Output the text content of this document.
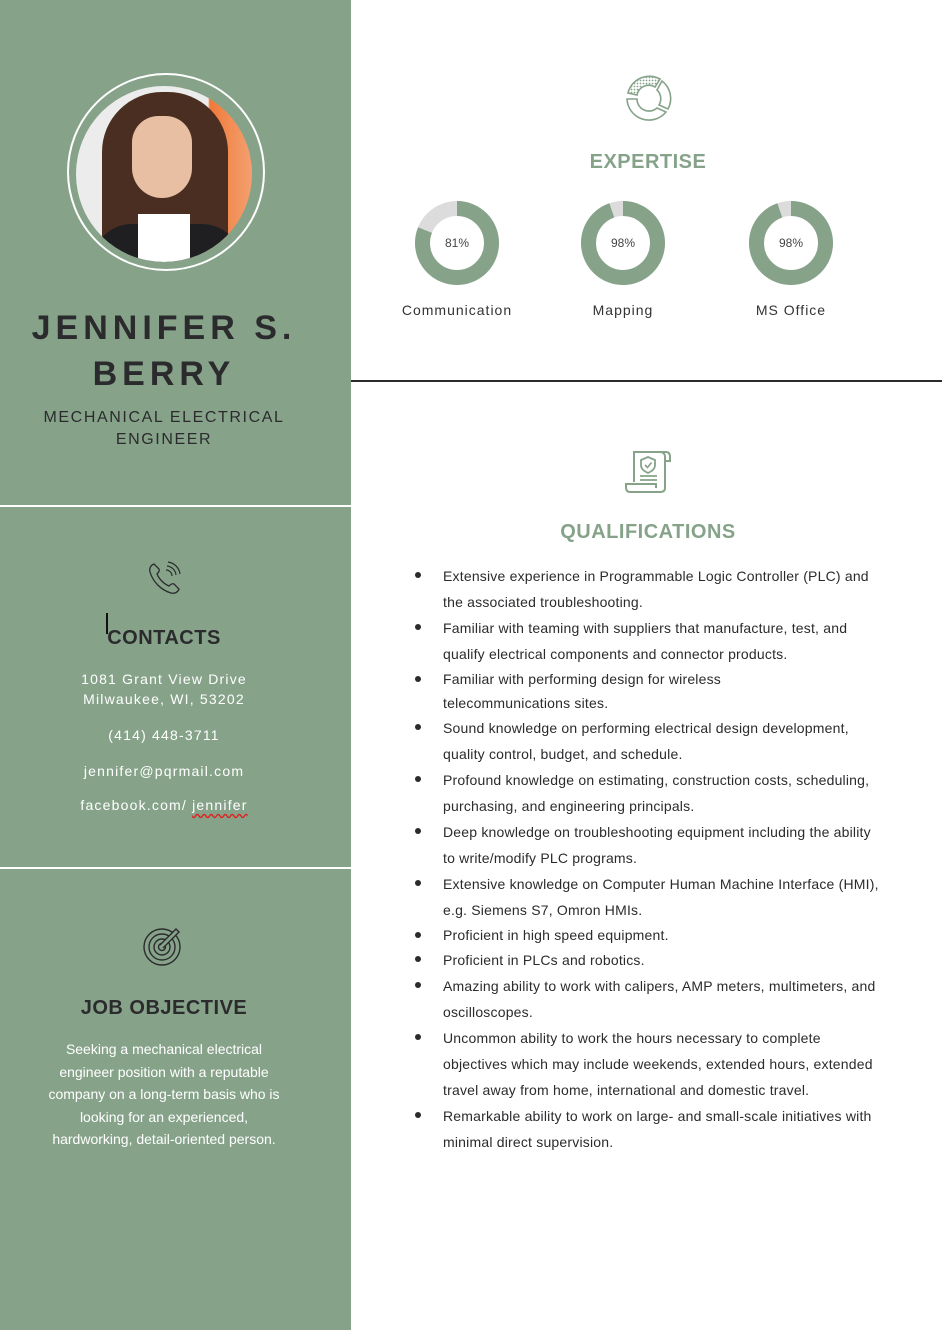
JENNIFER S.
BERRY
MECHANICAL ELECTRICAL
ENGINEER
CONTACTS
1081 Grant View Drive
Milwaukee, WI, 53202
(414) 448-3711
jennifer@pqrmail.com
facebook.com/ jennifer
JOB OBJECTIVE
Seeking a mechanical electrical engineer position with a reputable company on a long-term basis who is looking for an experienced, hardworking, detail-oriented person.
EXPERTISE
81%
Communication
98%
Mapping
98%
MS Office
QUALIFICATIONS
Extensive experience in Programmable Logic Controller (PLC) and the associated troubleshooting.
Familiar with teaming with suppliers that manufacture, test, and qualify electrical components and connector products.
Familiar with performing design for wireless telecommunications sites.
Sound knowledge on performing electrical design development, quality control, budget, and schedule.
Profound knowledge on estimating, construction costs, scheduling, purchasing, and engineering principals.
Deep knowledge on troubleshooting equipment including the ability to write/modify PLC programs.
Extensive knowledge on Computer Human Machine Interface (HMI), e.g. Siemens S7, Omron HMIs.
Proficient in high speed equipment.
Proficient in PLCs and robotics.
Amazing ability to work with calipers, AMP meters, multimeters, and oscilloscopes.
Uncommon ability to work the hours necessary to complete objectives which may include weekends, extended hours, extended travel away from home, international and domestic travel.
Remarkable ability to work on large- and small-scale initiatives with minimal direct supervision.
